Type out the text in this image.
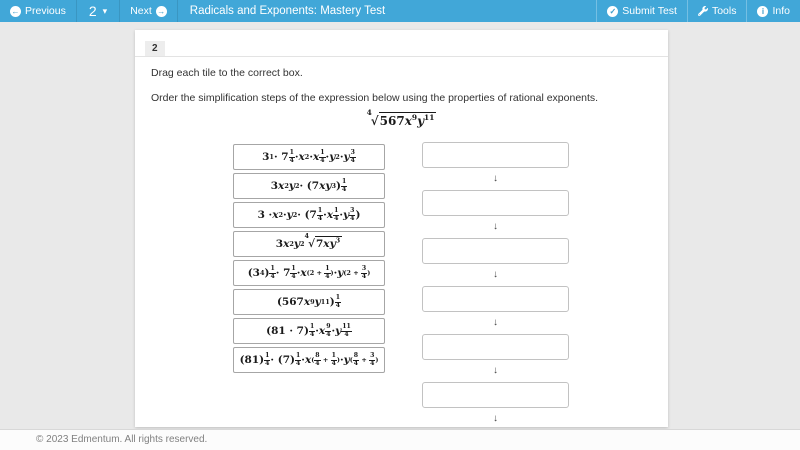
← Previous 2 ▾ Next →	Radicals and Exponents: Mastery Test	✓ Submit Test	Tools	i Info
2

Drag each tile to the correct box.

Order the simplification steps of the expression below using the properties of rational exponents.

$^4√567x^9y^{11}$
3 $1 \cdot 7 \frac{1}{4} \cdot x$ 2 · x $\frac{1}{4} \cdot y$ 2 · y $\frac{3}{4}$
3 x 2 y 2 · (7 x y 3 ) $\frac{1}{4}$
3 · x 2 · y $2 \cdot (7 \frac{1}{4} \cdot x \frac{1}{4} \cdot y \frac{3}{4}$ )
3 x 2 y 2
$^4√7xy^3$
(3 4 ) $\frac{1}{4} \cdot 7 \frac{1}{4} \cdot x$ ($2 + \frac{1}{4}$ ) · y ($2 + \frac{3}{4}$ )
(567 x 9 y 11 ) $\frac{1}{4}$
$(81 \cdot 7) \frac{1}{4} \cdot x \frac{9}{4} \cdot y \frac{11}{4}$
$(81) \frac{1}{4} \cdot (7) \frac{1}{4} \cdot x$ ( $\frac{8}{4} + \frac{1}{4}$ ) · y ( $\frac{8}{4} + \frac{3}{4}$ )
↓
↓
↓
↓
↓
↓
© 2023 Edmentum. All rights reserved.
